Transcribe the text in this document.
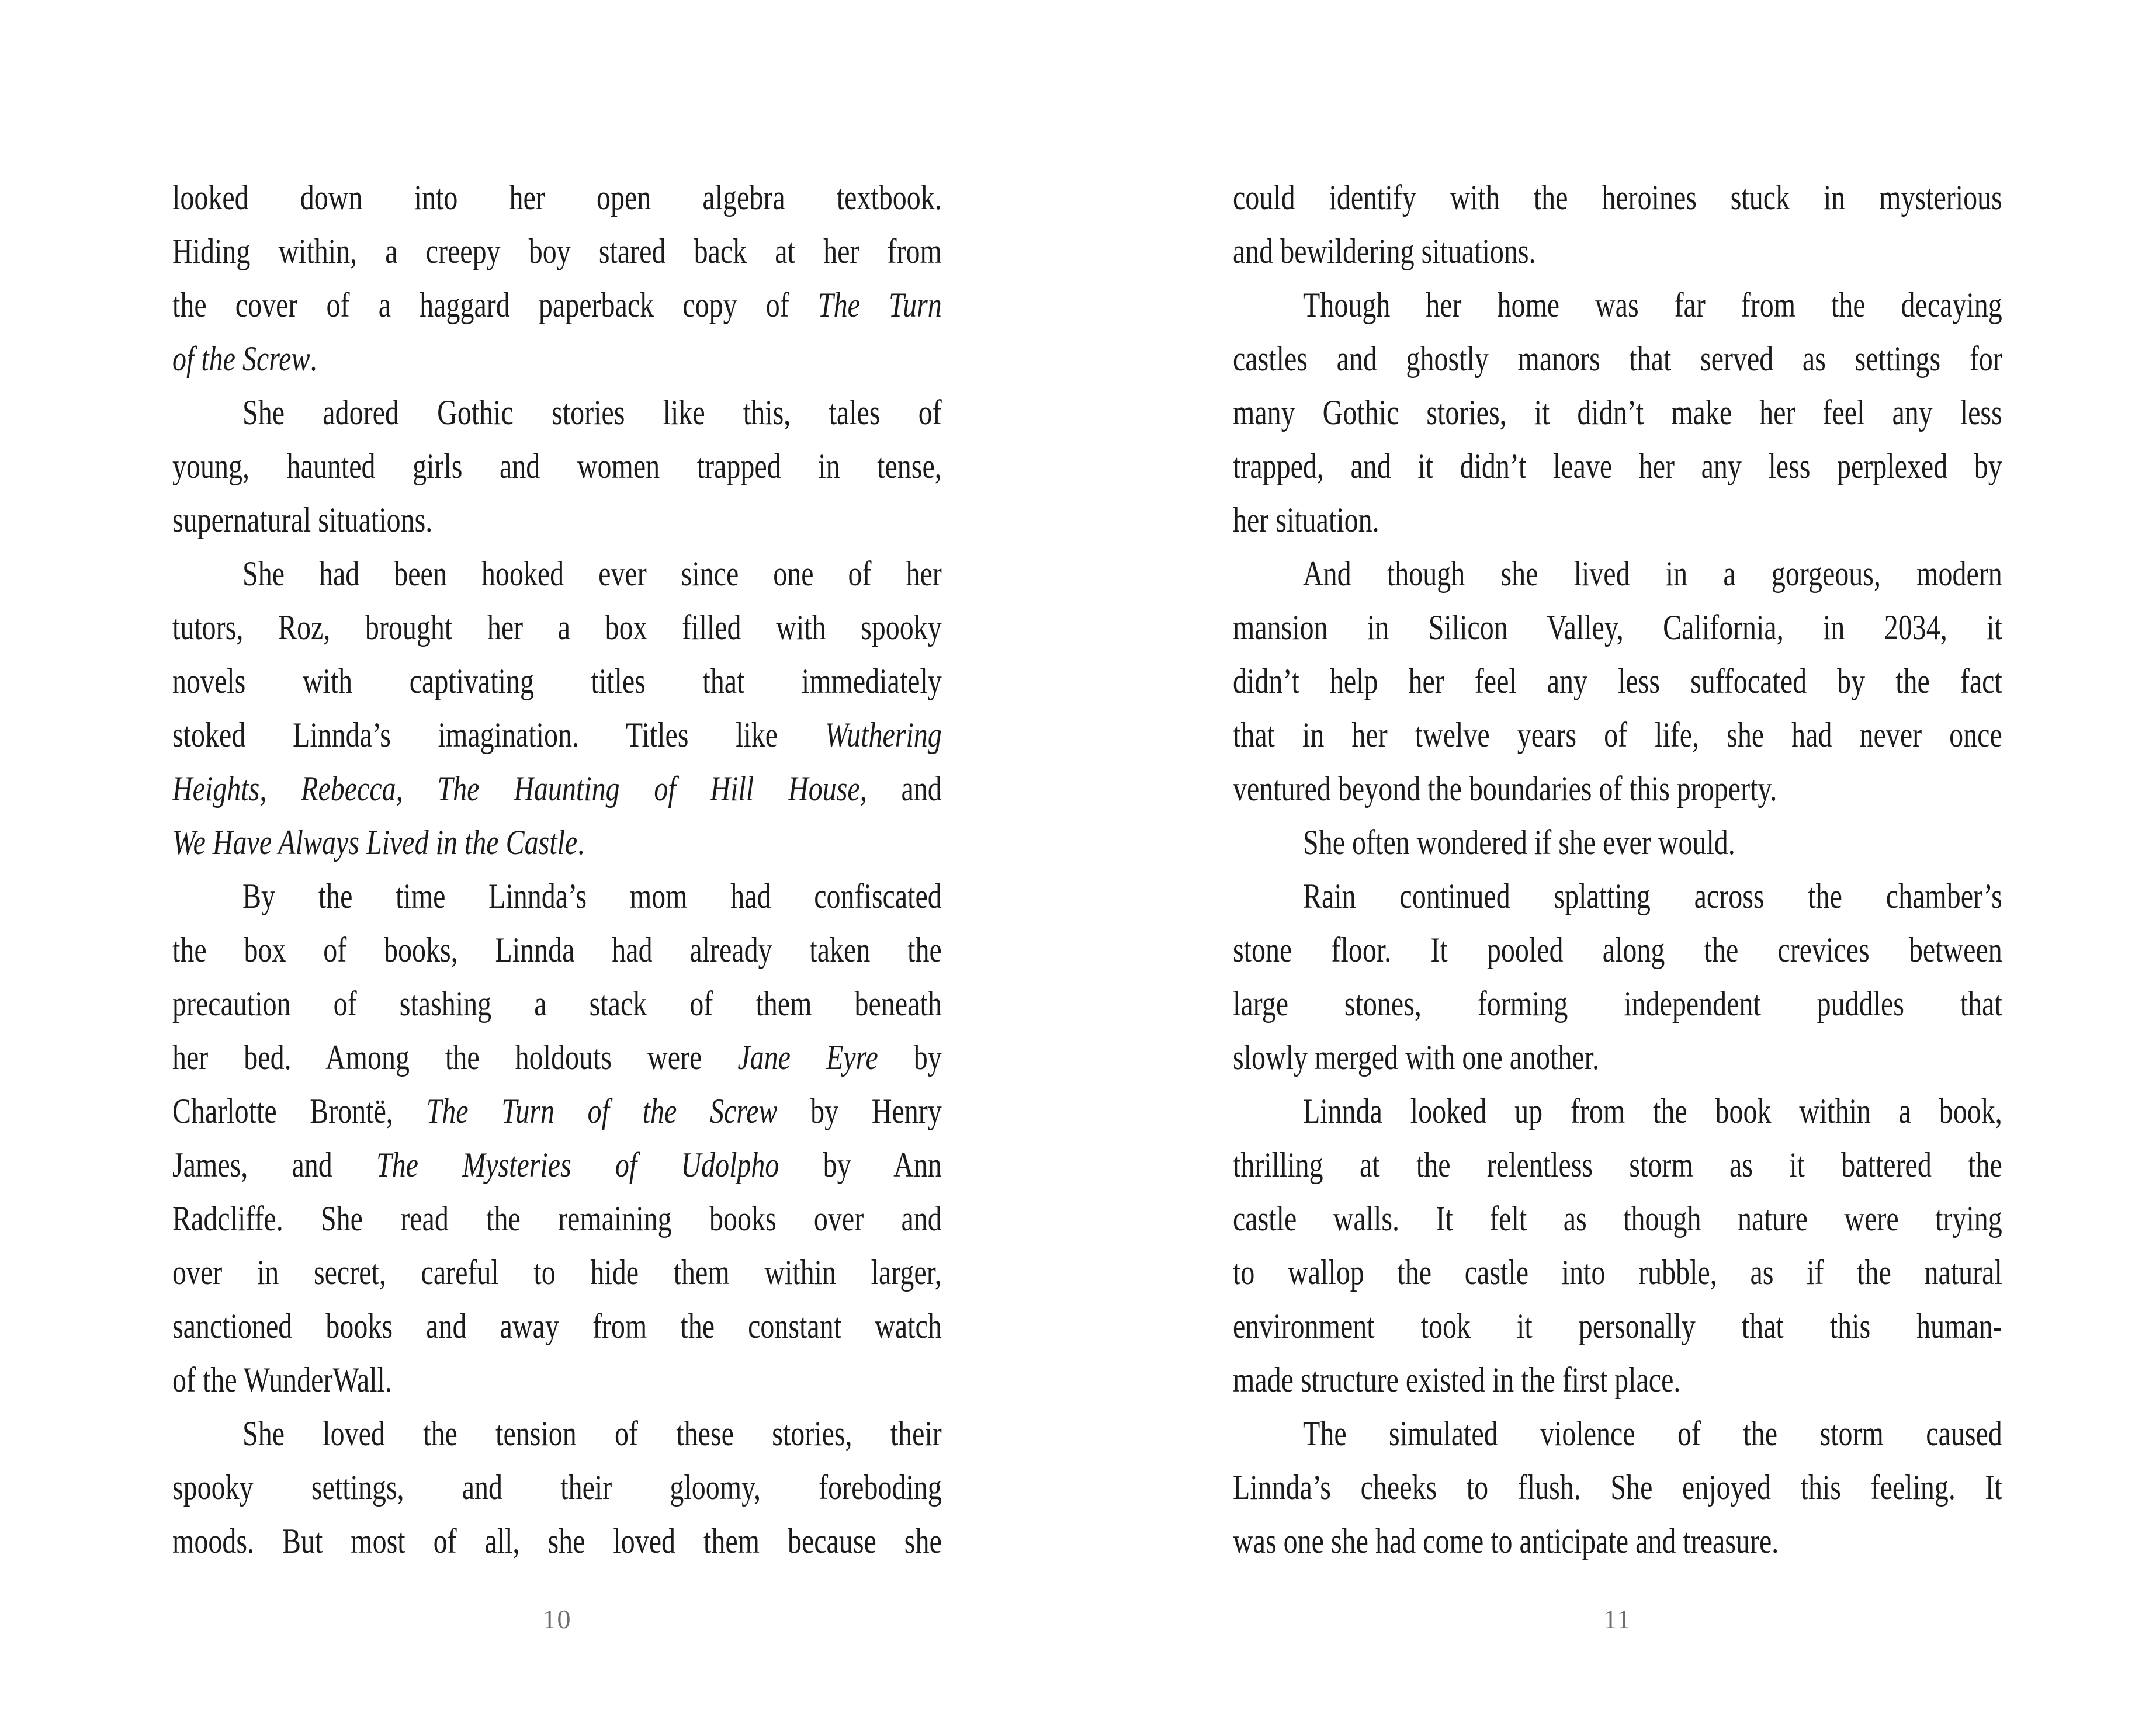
looked down into her open algebra textbook.
Hiding within, a creepy boy stared back at her from
the cover of a haggard paperback copy of The Turn
of the Screw.
She adored Gothic stories like this, tales of
young, haunted girls and women trapped in tense,
supernatural situations.
She had been hooked ever since one of her
tutors, Roz, brought her a box filled with spooky
novels with captivating titles that immediately
stoked Linnda’s imagination. Titles like Wuthering
Heights, Rebecca, The Haunting of Hill House, and
We Have Always Lived in the Castle.
By the time Linnda’s mom had confiscated
the box of books, Linnda had already taken the
precaution of stashing a stack of them beneath
her bed. Among the holdouts were Jane Eyre by
Charlotte Brontë, The Turn of the Screw by Henry
James, and The Mysteries of Udolpho by Ann
Radcliffe. She read the remaining books over and
over in secret, careful to hide them within larger,
sanctioned books and away from the constant watch
of the WunderWall.
She loved the tension of these stories, their
spooky settings, and their gloomy, foreboding
moods. But most of all, she loved them because she
10
could identify with the heroines stuck in mysterious
and bewildering situations.
Though her home was far from the decaying
castles and ghostly manors that served as settings for
many Gothic stories, it didn’t make her feel any less
trapped, and it didn’t leave her any less perplexed by
her situation.
And though she lived in a gorgeous, modern
mansion in Silicon Valley, California, in 2034, it
didn’t help her feel any less suffocated by the fact
that in her twelve years of life, she had never once
ventured beyond the boundaries of this property.
She often wondered if she ever would.
Rain continued splatting across the chamber’s
stone floor. It pooled along the crevices between
large stones, forming independent puddles that
slowly merged with one another.
Linnda looked up from the book within a book,
thrilling at the relentless storm as it battered the
castle walls. It felt as though nature were trying
to wallop the castle into rubble, as if the natural
environment took it personally that this human-
made structure existed in the first place.
The simulated violence of the storm caused
Linnda’s cheeks to flush. She enjoyed this feeling. It
was one she had come to anticipate and treasure.
11
